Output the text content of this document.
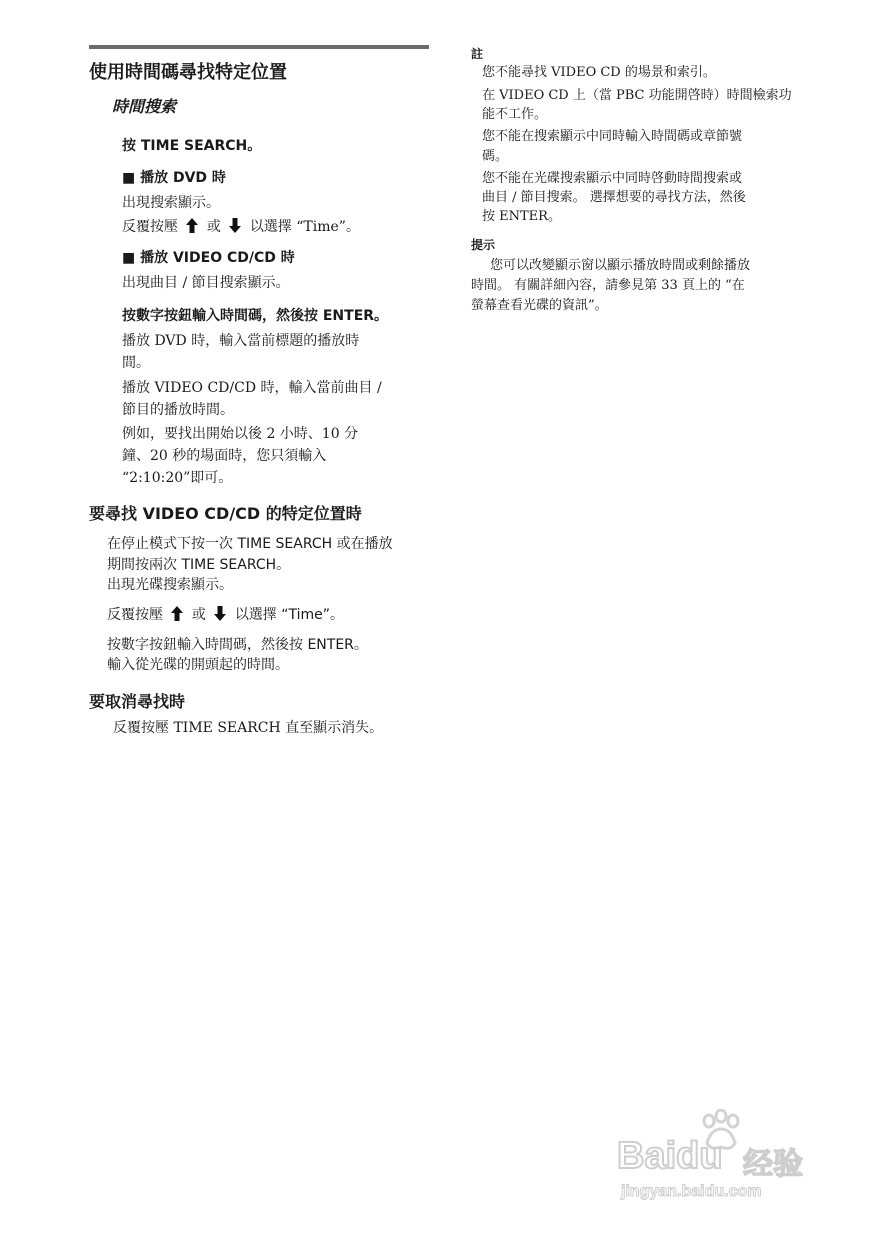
使用時間碼尋找特定位置
時間搜索
按 TIME SEARCH。
■ 播放 DVD 時
出現搜索顯示。
反覆按壓 或 以選擇 “Time”。
■ 播放 VIDEO CD/CD 時
出現曲目 / 節目搜索顯示。
按數字按鈕輸入時間碼，然後按 ENTER。
播放 DVD 時，輸入當前標題的播放時
間。
播放 VIDEO CD/CD 時，輸入當前曲目 /
節目的播放時間。
例如，要找出開始以後 2 小時、10 分
鐘、20 秒的場面時，您只須輸入
“2:10:20”即可。
要尋找 VIDEO CD/CD 的特定位置時
在停止模式下按一次 TIME SEARCH 或在播放
期間按兩次 TIME SEARCH。
出現光碟搜索顯示。
反覆按壓 或 以選擇 “Time”。
按數字按鈕輸入時間碼，然後按 ENTER。
輸入從光碟的開頭起的時間。
要取消尋找時
反覆按壓 TIME SEARCH 直至顯示消失。
註
您不能尋找 VIDEO CD 的場景和索引。
在 VIDEO CD 上（當 PBC 功能開啓時）時間檢索功
能不工作。
您不能在搜索顯示中同時輸入時間碼或章節號
碼。
您不能在光碟搜索顯示中同時啓動時間搜索或
曲目 / 節目搜索。 選擇想要的尋找方法，然後
按 ENTER。
提示
您可以改變顯示窗以顯示播放時間或剩餘播放
時間。 有關詳細內容，請參見第 33 頁上的 “在
螢幕查看光碟的資訊”。
Baidu 经验
jingyan.baidu.com
